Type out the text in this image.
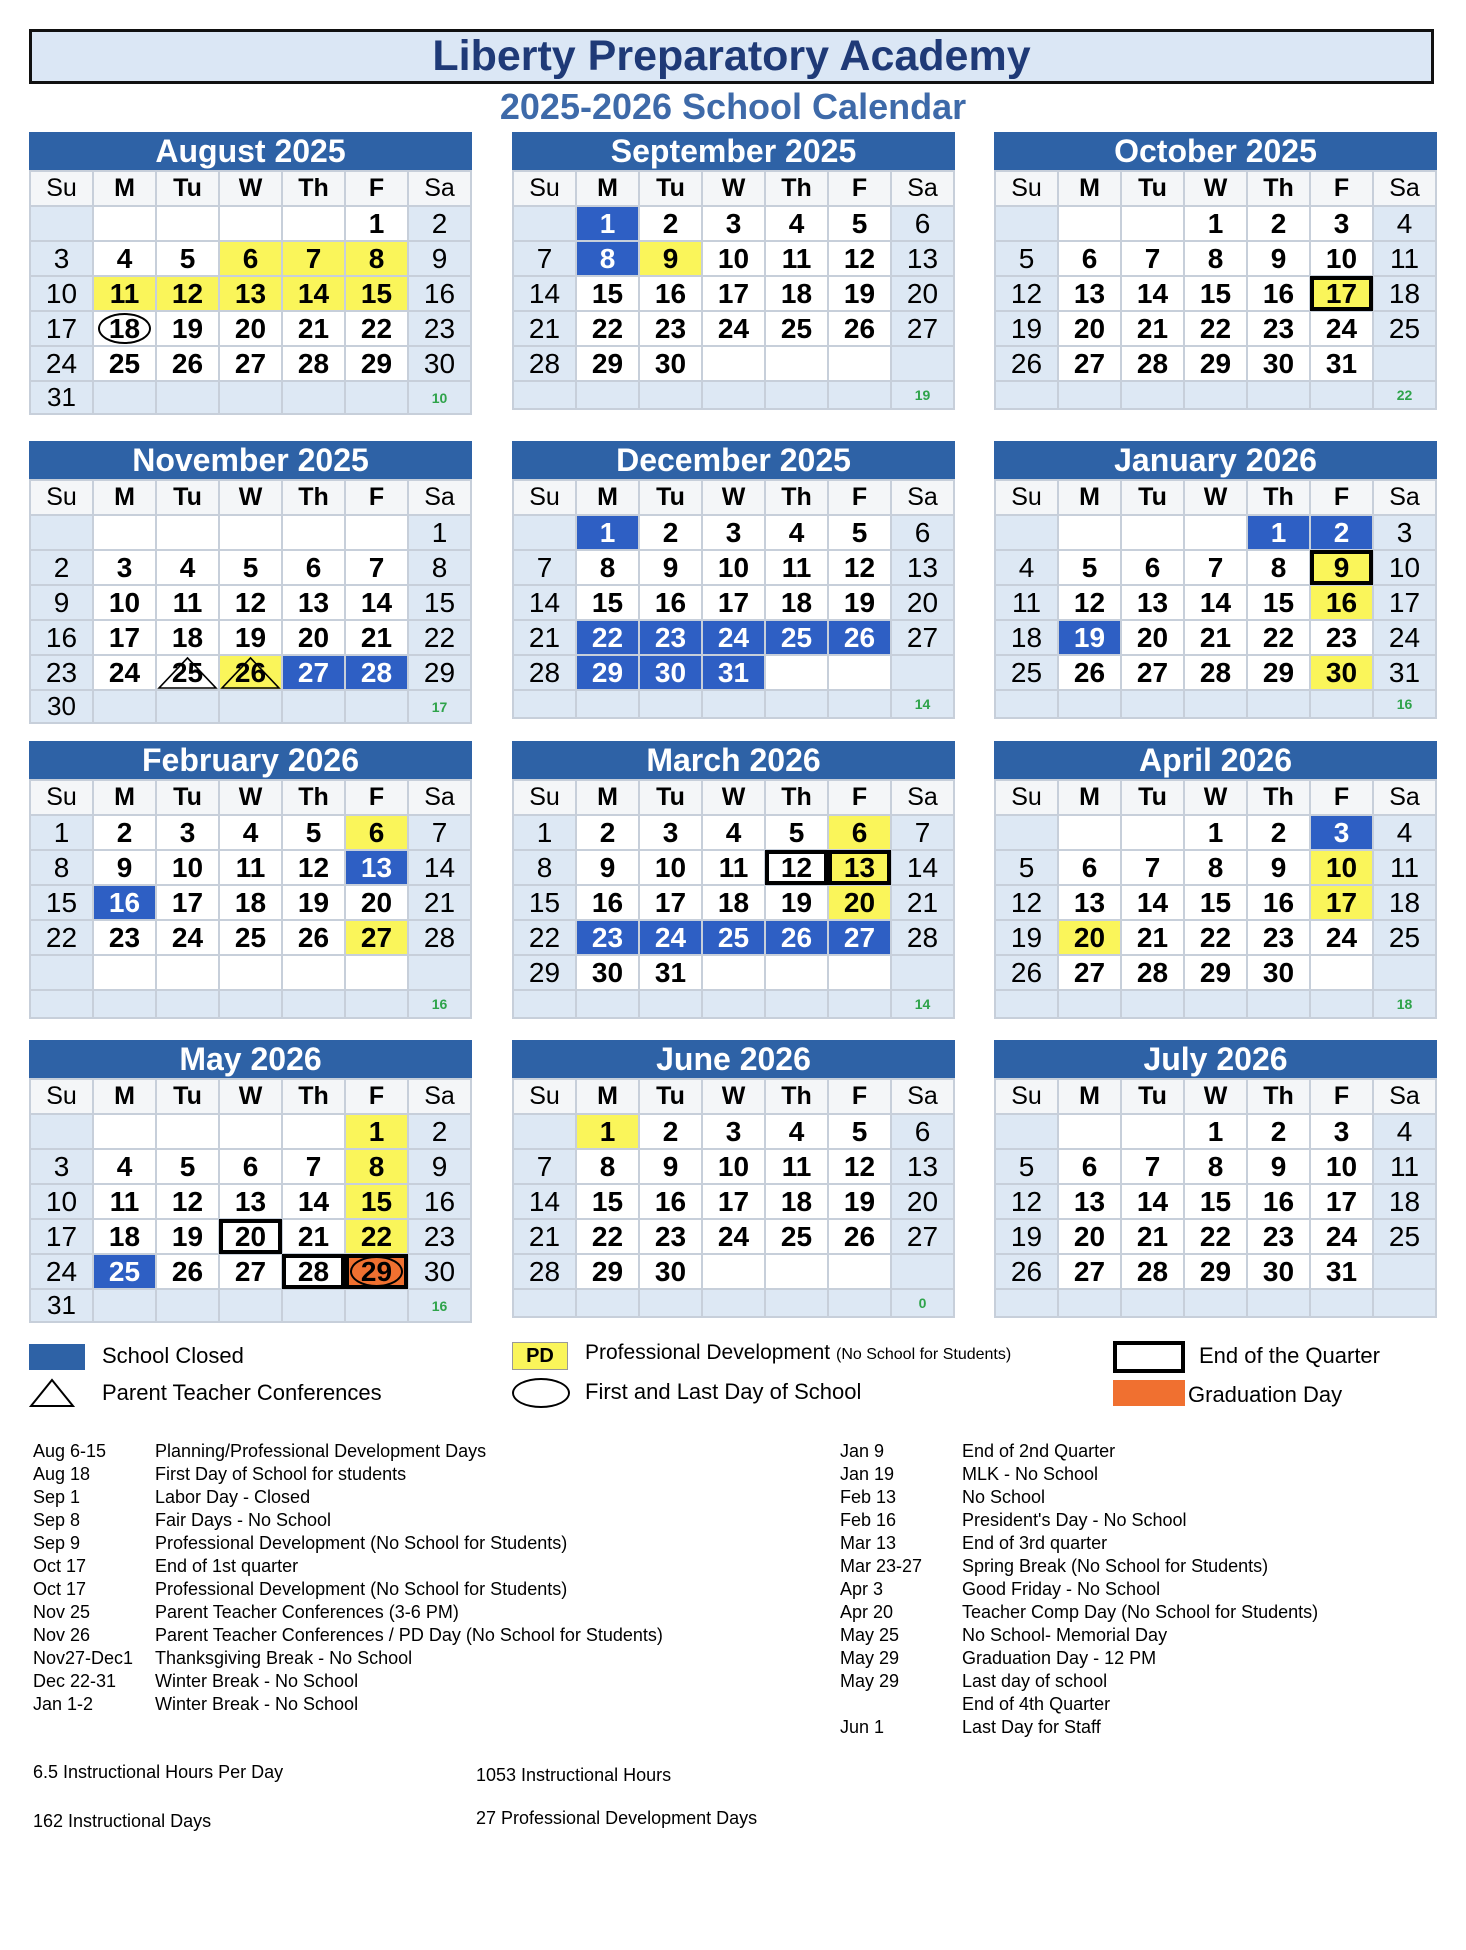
Liberty Preparatory Academy
2025-2026 School Calendar
August 2025
Su	M	Tu	W	Th	F	Sa
					1	2
3	4	5	6	7	8	9
10	11	12	13	14	15	16
17	18	19	20	21	22	23
24	25	26	27	28	29	30
31						10
September 2025
Su	M	Tu	W	Th	F	Sa
	1	2	3	4	5	6
7	8	9	10	11	12	13
14	15	16	17	18	19	20
21	22	23	24	25	26	27
28	29	30				
						19
October 2025
Su	M	Tu	W	Th	F	Sa
			1	2	3	4
5	6	7	8	9	10	11
12	13	14	15	16	17	18
19	20	21	22	23	24	25
26	27	28	29	30	31	
						22
November 2025
Su	M	Tu	W	Th	F	Sa
						1
2	3	4	5	6	7	8
9	10	11	12	13	14	15
16	17	18	19	20	21	22
23	24	25	26	27	28	29
30						17
December 2025
Su	M	Tu	W	Th	F	Sa
	1	2	3	4	5	6
7	8	9	10	11	12	13
14	15	16	17	18	19	20
21	22	23	24	25	26	27
28	29	30	31			
						14
January 2026
Su	M	Tu	W	Th	F	Sa
				1	2	3
4	5	6	7	8	9	10
11	12	13	14	15	16	17
18	19	20	21	22	23	24
25	26	27	28	29	30	31
						16
February 2026
Su	M	Tu	W	Th	F	Sa
1	2	3	4	5	6	7
8	9	10	11	12	13	14
15	16	17	18	19	20	21
22	23	24	25	26	27	28

						16
March 2026
Su	M	Tu	W	Th	F	Sa
1	2	3	4	5	6	7
8	9	10	11	12	13	14
15	16	17	18	19	20	21
22	23	24	25	26	27	28
29	30	31				
						14
April 2026
Su	M	Tu	W	Th	F	Sa
			1	2	3	4
5	6	7	8	9	10	11
12	13	14	15	16	17	18
19	20	21	22	23	24	25
26	27	28	29	30		
						18
May 2026
Su	M	Tu	W	Th	F	Sa
					1	2
3	4	5	6	7	8	9
10	11	12	13	14	15	16
17	18	19	20	21	22	23
24	25	26	27	28	29	30
31						16
June 2026
Su	M	Tu	W	Th	F	Sa
	1	2	3	4	5	6
7	8	9	10	11	12	13
14	15	16	17	18	19	20
21	22	23	24	25	26	27
28	29	30				
						0
July 2026
Su	M	Tu	W	Th	F	Sa
			1	2	3	4
5	6	7	8	9	10	11
12	13	14	15	16	17	18
19	20	21	22	23	24	25
26	27	28	29	30	31	

School Closed
Parent Teacher Conferences
PD	Professional Development (No School for Students)
First and Last Day of School
End of the Quarter
Graduation Day
Aug 6-15	Planning/Professional Development Days
Aug 18	First Day of School for students
Sep 1	Labor Day - Closed
Sep 8	Fair Days - No School
Sep 9	Professional Development (No School for Students)
Oct 17	End of 1st quarter
Oct 17	Professional Development (No School for Students)
Nov 25	Parent Teacher Conferences (3-6 PM)
Nov 26	Parent Teacher Conferences / PD Day (No School for Students)
Nov27-Dec1 Thanksgiving Break - No School
Dec 22-31 Winter Break - No School
Jan 1-2	Winter Break - No School
Jan 9	End of 2nd Quarter
Jan 19	MLK - No School
Feb 13	No School
Feb 16	President's Day - No School
Mar 13	End of 3rd quarter
Mar 23-27 Spring Break (No School for Students)
Apr 3	Good Friday - No School
Apr 20	Teacher Comp Day (No School for Students)
May 25	No School- Memorial Day
May 29	Graduation Day - 12 PM
May 29	Last day of school
End of 4th Quarter
Jun 1	Last Day for Staff
6.5 Instructional Hours Per Day
162 Instructional Days
1053 Instructional Hours
27 Professional Development Days
